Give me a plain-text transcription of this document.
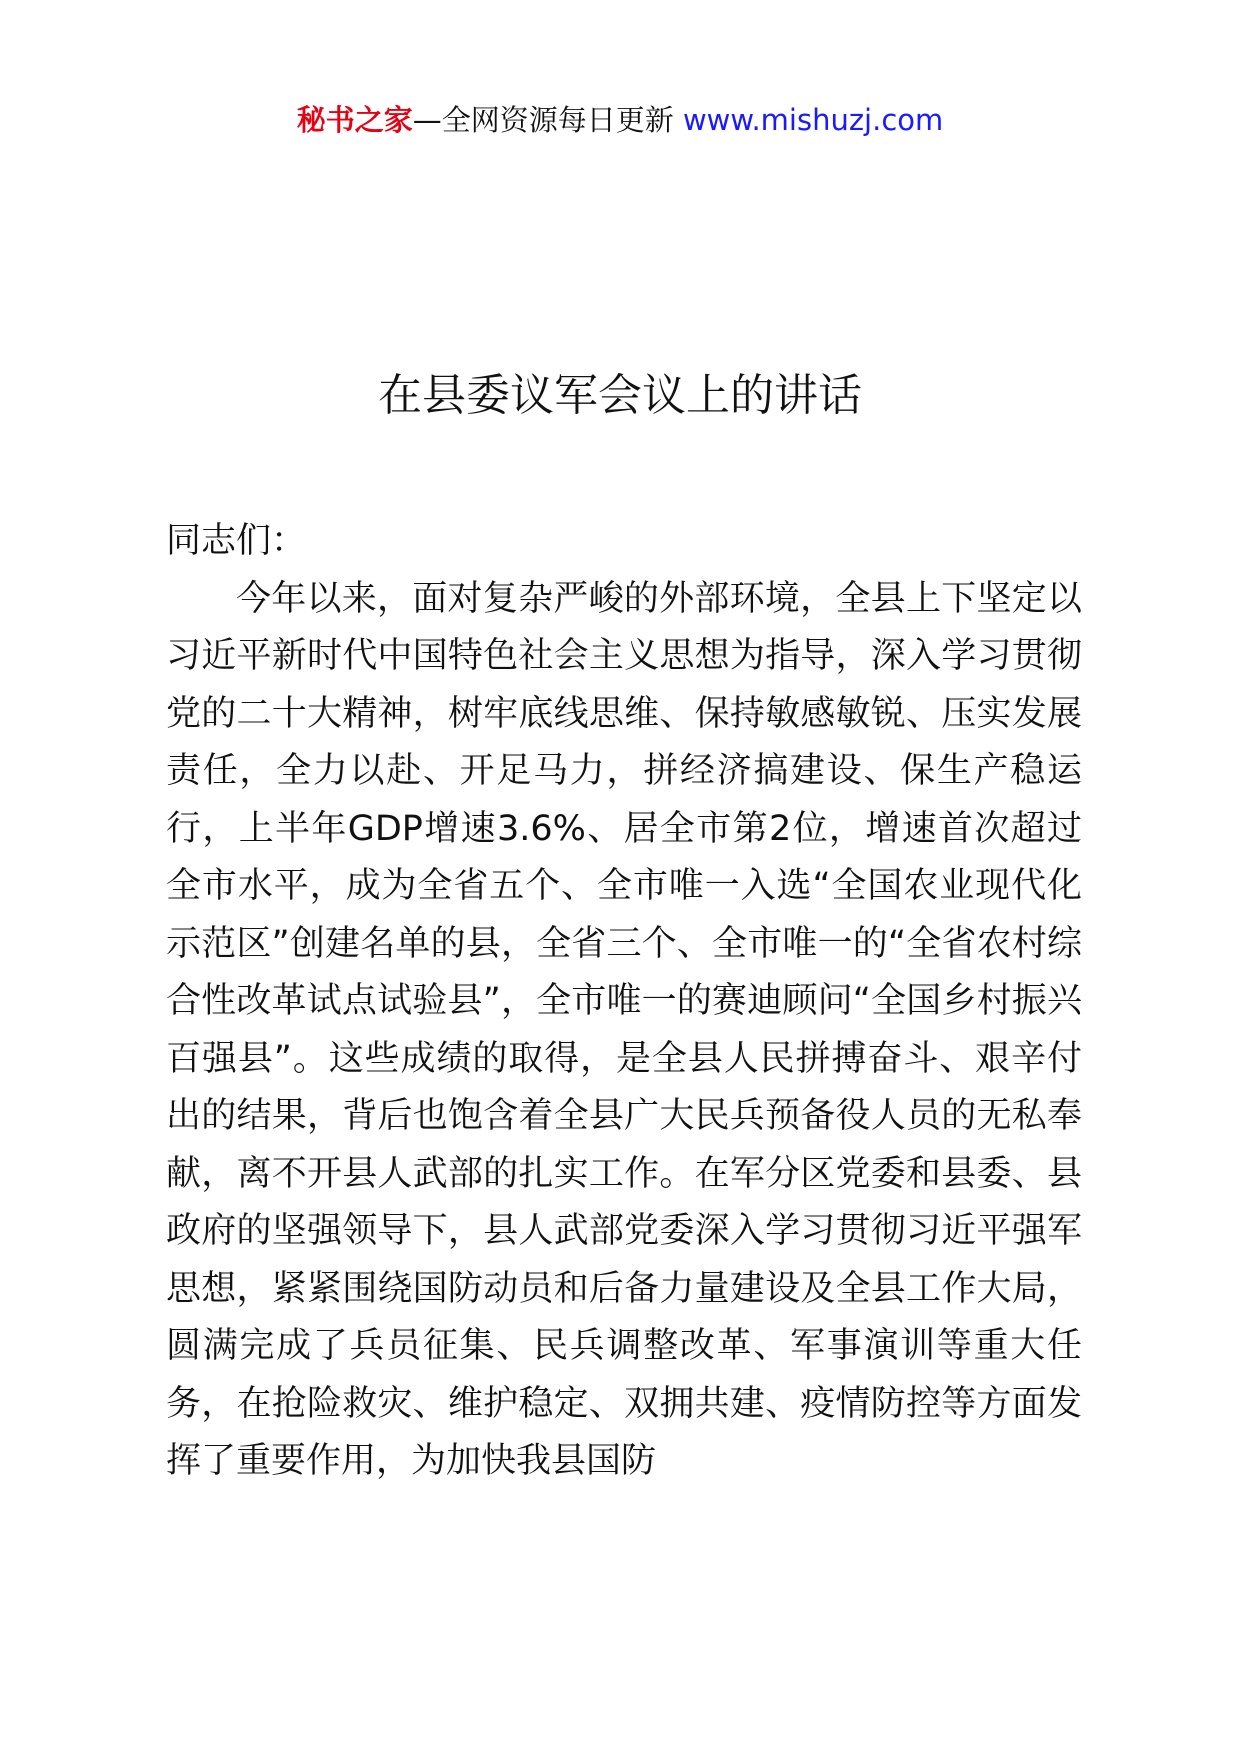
秘书之家—全网资源每日更新 www.mishuzj.com
在县委议军会议上的讲话

同志们：

今年以来，面对复杂严峻的外部环境，全县上下坚定以习近平新时代中国特色社会主义思想为指导，深入学习贯彻党的二十大精神，树牢底线思维、保持敏感敏锐、压实发展责任，全力以赴、开足马力，拼经济搞建设、保生产稳运行，上半年GDP增速3.6%、居全市第2位，增速首次超过全市水平，成为全省五个、全市唯一入选“全国农业现代化示范区”创建名单的县，全省三个、全市唯一的“全省农村综合性改革试点试验县”，全市唯一的赛迪顾问“全国乡村振兴百强县”。这些成绩的取得，是全县人民拼搏奋斗、艰辛付出的结果，背后也饱含着全县广大民兵预备役人员的无私奉献，离不开县人武部的扎实工作。在军分区党委和县委、县政府的坚强领导下，县人武部党委深入学习贯彻习近平强军思想，紧紧围绕国防动员和后备力量建设及全县工作大局，圆满完成了兵员征集、民兵调整改革、军事演训等重大任务，在抢险救灾、维护稳定、双拥共建、疫情防控等方面发挥了重要作用，为加快我县国防
